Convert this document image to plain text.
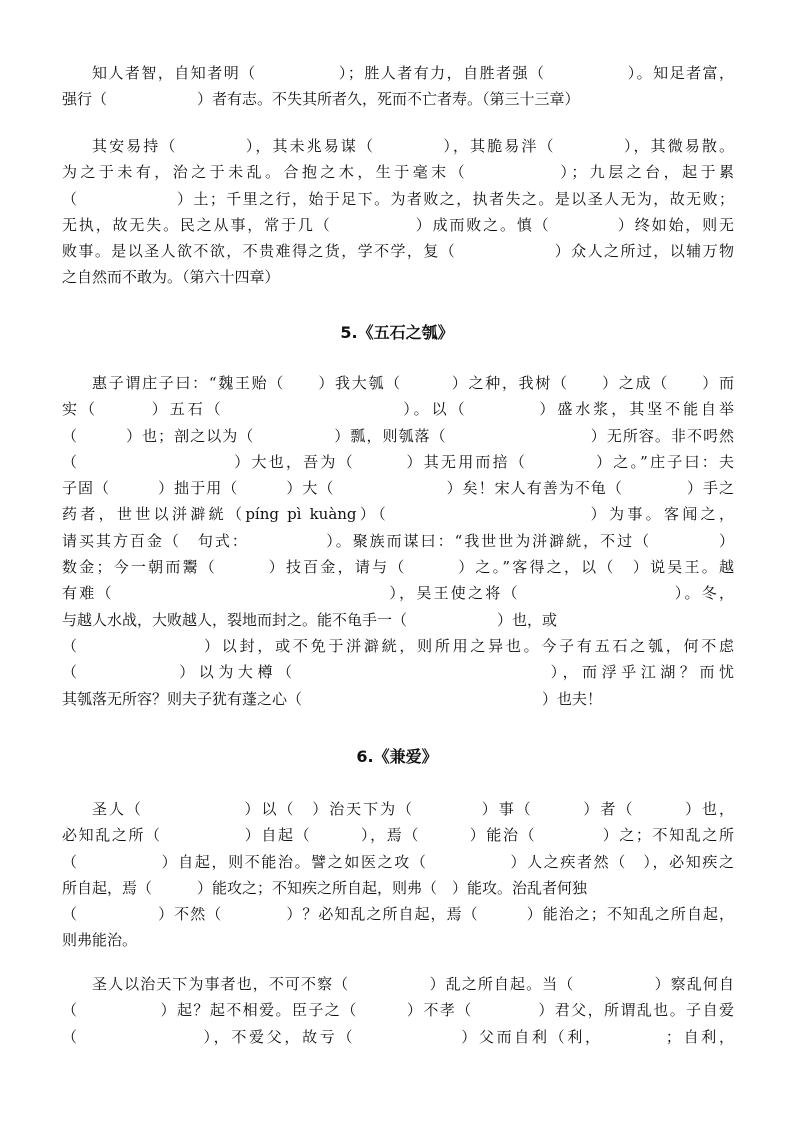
知人者智，自知者明（　　　　　）；胜人者有力，自胜者强（　　　　　）。知足者富，
强行（　　　　　　）者有志。不失其所者久，死而不亡者寿。（第三十三章）
其安易持（　　　　），其未兆易谋（　　　　），其脆易泮（　　　　），其微易散。
为之于未有，治之于未乱。合抱之木，生于毫末（　　　　　）；九层之台，起于累
（　　　　　　）土；千里之行，始于足下。为者败之，执者失之。是以圣人无为，故无败；
无执，故无失。民之从事，常于几（　　　　　）成而败之。慎（　　　　）终如始，则无
败事。是以圣人欲不欲，不贵难得之货，学不学，复（　　　　　　）众人之所过，以辅万物
之自然而不敢为。（第六十四章）
5.《五石之瓠》
惠子谓庄子曰：“魏王贻（　　）我大瓠（　　　）之种，我树（　　）之成（　　）而
实（　　　）五石（　　　　　　　　　　）。以（　　　　）盛水浆，其坚不能自举
（　　　）也；剖之以为（　　　　　）瓢，则瓠落（　　　　　　　　　）无所容。非不呺然
（　　　　　　　　　）大也，吾为（　　　）其无用而掊（　　　　）之。”庄子曰：夫
子固（　　　）拙于用（　　　）大（　　　　　　　）矣！宋人有善为不龟（　　　　）手之
药者，世世以洴澼絖（píng pì kuàng）（　　　　　　　　　　　）为事。客闻之，
请买其方百金（　句式：　　　　　）。聚族而谋曰：“我世世为洴澼絖，不过（　　　　）
数金；今一朝而鬻（　　　）技百金，请与（　　　）之。”客得之，以（　）说吴王。越
有难（　　　　　　　　　　　　　　　　），吴王使之将（　　　　　　　　　）。冬，
与越人水战，大败越人，裂地而封之。能不龟手一（　　　　　　）也，或
（　　　　　　　）以封，或不免于洴澼絖，则所用之异也。今子有五石之瓠，何不虑
（　　　　　）以为大樽（　　　　　　　　　　　　　），而浮乎江湖？而忧
其瓠落无所容？则夫子犹有蓬之心（　　　　　　　　　　　　　　　　）也夫！
6.《兼爱》
圣人（　　　　　　）以（　）治天下为（　　　　）事（　　　）者（　　　）也，
必知乱之所（　　　　　）自起（　　　），焉（　　　）能治（　　　　）之；不知乱之所
（　　　　　）自起，则不能治。譬之如医之攻（　　　　　）人之疾者然（　），必知疾之
所自起，焉（　　　）能攻之；不知疾之所自起，则弗（　）能攻。治乱者何独
（　　　　　）不然（　　　　）？必知乱之所自起，焉（　　　）能治之；不知乱之所自起，
则弗能治。
圣人以治天下为事者也，不可不察（　　　　　）乱之所自起。当（　　　　　）察乱何自
（　　　　　）起？起不相爱。臣子之（　　　）不孝（　　　　）君父，所谓乱也。子自爱
（　　　　　　　），不爱父，故亏（　　　　　　）父而自利（利，　　　　；自利，
